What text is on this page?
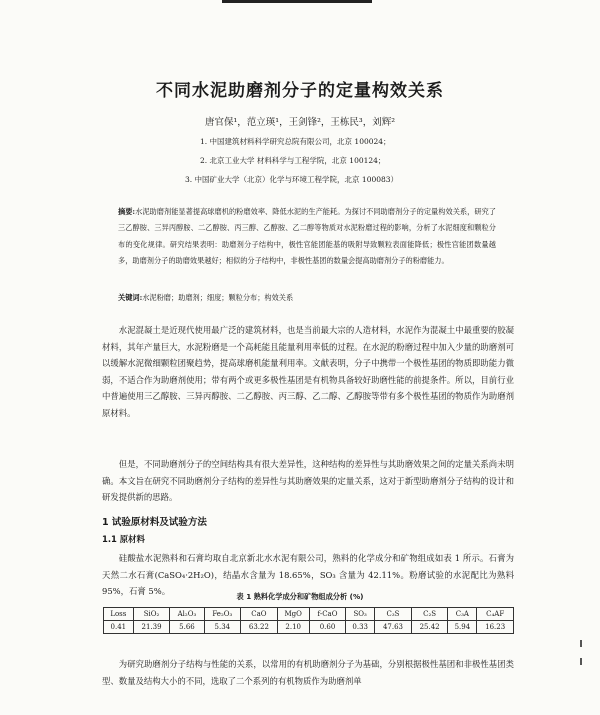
不同水泥助磨剂分子的定量构效关系
唐官保¹，范立瑛¹，王剑锋²，王栋民³，刘辉²
1. 中国建筑材料科学研究总院有限公司，北京 100024；
2. 北京工业大学 材料科学与工程学院，北京 100124；
3. 中国矿业大学（北京）化学与环境工程学院，北京 100083）
摘要:水泥助磨剂能显著提高球磨机的粉磨效率、降低水泥的生产能耗。为探讨不同助磨剂分子的定量构效关系，研究了三乙醇胺、三异丙醇胺、二乙醇胺、丙三醇、乙醇胺、乙二醇等物质对水泥粉磨过程的影响，分析了水泥细度和颗粒分布的变化规律。研究结果表明：助磨剂分子结构中，极性官能团能基的吸附导致颗粒表面能降低；极性官能团数量越多，助磨剂分子的助磨效果越好；相似的分子结构中，非极性基团的数量会提高助磨剂分子的粉磨能力。
关键词:水泥粉磨；助磨剂；细度；颗粒分布；构效关系
水泥混凝土是近现代使用最广泛的建筑材料，也是当前最大宗的人造材料，水泥作为混凝土中最重要的胶凝材料，其年产量巨大，水泥粉磨是一个高耗能且能量利用率低的过程。在水泥的粉磨过程中加入少量的助磨剂可以缓解水泥微细颗粒团聚趋势，提高球磨机能量利用率。文献表明，分子中携带一个极性基团的物质即助能力微弱，不适合作为助磨剂使用；带有两个或更多极性基团是有机物具备较好助磨性能的前提条件。所以，目前行业中普遍使用三乙醇胺、三异丙醇胺、二乙醇胺、丙三醇、乙二醇、乙醇胺等带有多个极性基团的物质作为助磨剂原材料。
但是，不同助磨剂分子的空间结构具有很大差异性，这种结构的差异性与其助磨效果之间的定量关系尚未明确。本文旨在研究不同助磨剂分子结构的差异性与其助磨效果的定量关系，这对于新型助磨剂分子结构的设计和研发提供新的思路。
1 试验原材料及试验方法
1.1 原材料
硅酸盐水泥熟料和石膏均取自北京新北水水泥有限公司，熟料的化学成分和矿物组成如表 1 所示。石膏为天然二水石膏(CaSO₄·2H₂O)，结晶水含量为 18.65%，SO₃ 含量为 42.11%。粉磨试验的水泥配比为熟料 95%，石膏 5%。
表 1 熟料化学成分和矿物组成分析 (%)
Loss	SiO₂	Al₂O₃	Fe₂O₃	CaO	MgO	f-CaO	SO₃	C₃S	C₂S	C₃A	C₄AF
0.41	21.39	5.66	5.34	63.22	2.10	0.60	0.33	47.63	25.42	5.94	16.23
为研究助磨剂分子结构与性能的关系，以常用的有机助磨剂分子为基础，分别根据极性基团和非极性基团类型、数量及结构大小的不同，选取了二个系列的有机物质作为助磨剂单
